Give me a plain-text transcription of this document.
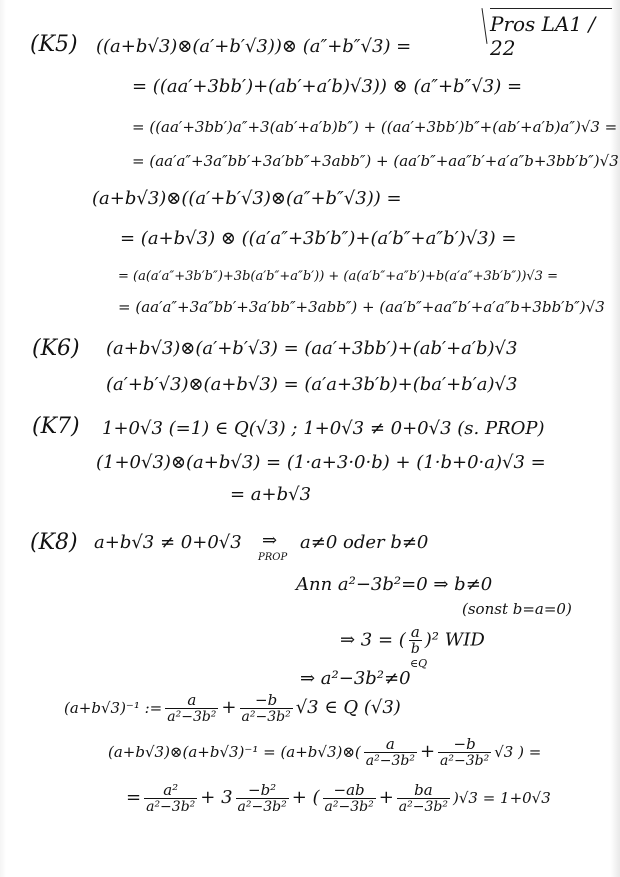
Pros LA1 / 22
(K5) ((a+b√3)⊗(a′+b′√3))⊗ (a″+b″√3) =
= ((aa′+3bb′)+(ab′+a′b)√3)) ⊗ (a″+b″√3) =
= ((aa′+3bb′)a″+3(ab′+a′b)b″) + ((aa′+3bb′)b″+(ab′+a′b)a″)√3 =
= (aa′a″+3a″bb′+3a′bb″+3abb″) + (aa′b″+aa″b′+a′a″b+3bb′b″)√3
(a+b√3)⊗((a′+b′√3)⊗(a″+b″√3)) =
= (a+b√3) ⊗ ((a′a″+3b′b″)+(a′b″+a″b′)√3) =
= (a(a′a″+3b′b″)+3b(a′b″+a″b′)) + (a(a′b″+a″b′)+b(a′a″+3b′b″))√3 =
= (aa′a″+3a″bb′+3a′bb″+3abb″) + (aa′b″+aa″b′+a′a″b+3bb′b″)√3
(K6) (a+b√3)⊗(a′+b′√3) = (aa′+3bb′)+(ab′+a′b)√3
(a′+b′√3)⊗(a+b√3) = (a′a+3b′b)+(ba′+b′a)√3
(K7) 1+0√3 (=1) ∈ Q(√3) ; 1+0√3 ≠ 0+0√3 (s. PROP)
(1+0√3)⊗(a+b√3) = (1·a+3·0·b) + (1·b+0·a)√3 =
= a+b√3
(K8) a+b√3 ≠ 0+0√3 ⇒
PROP
a≠0 oder b≠0
Ann a²−3b²=0 ⇒ b≠0
(sonst b=a=0)
⇒ 3 = ( $\frac{a}{b} )^2$ WID
∈Q
⇒ a²−3b²≠0
(a+b√3)⁻¹ := $\frac{a}{\text{a²−3b²}} + \frac{-b}{\text{a²−3b²}} √3$ ∈ Q (√3)
(a+b√3)⊗(a+b√3)⁻¹ = (a+b√3)⊗( $\frac{a}{\text{a²−3b²}} + \frac{-b}{\text{a²−3b²}} √3$ ) =
= $\frac{\text{a²}}{\text{a²−3b²}} + 3 \frac{\text{−b²}}{\text{a²−3b²}}$ + ( $\frac{-ab}{\text{a²−3b²}} + \frac{ba}{\text{a²−3b²}} )√3 = 1+0√3$
